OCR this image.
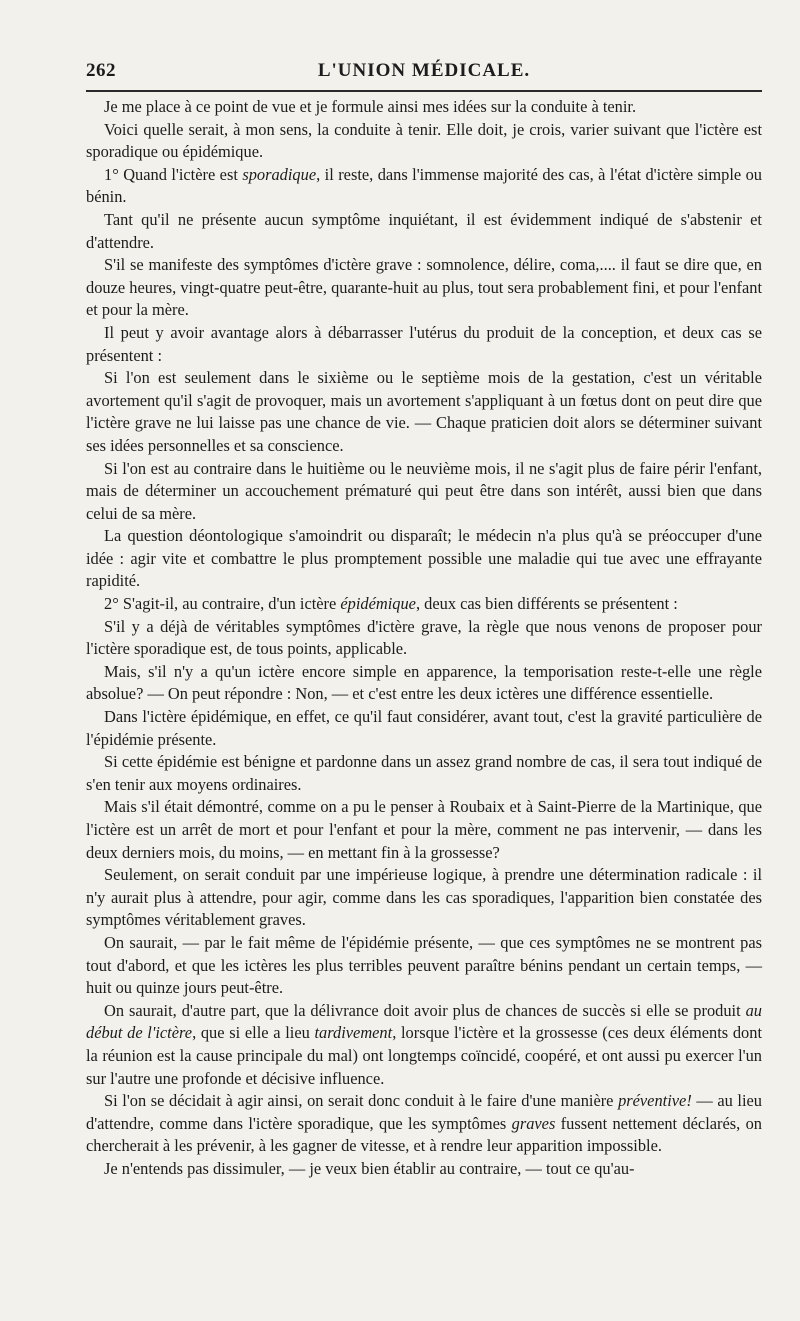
262	L'UNION MÉDICALE.

Je me place à ce point de vue et je formule ainsi mes idées sur la conduite à tenir.

Voici quelle serait, à mon sens, la conduite à tenir. Elle doit, je crois, varier suivant que l'ictère est sporadique ou épidémique.

1° Quand l'ictère est sporadique, il reste, dans l'immense majorité des cas, à l'état d'ictère simple ou bénin.

Tant qu'il ne présente aucun symptôme inquiétant, il est évidemment indiqué de s'abstenir et d'attendre.

S'il se manifeste des symptômes d'ictère grave : somnolence, délire, coma,.... il faut se dire que, en douze heures, vingt-quatre peut-être, quarante-huit au plus, tout sera probablement fini, et pour l'enfant et pour la mère.

Il peut y avoir avantage alors à débarrasser l'utérus du produit de la conception, et deux cas se présentent :

Si l'on est seulement dans le sixième ou le septième mois de la gestation, c'est un véritable avortement qu'il s'agit de provoquer, mais un avortement s'appliquant à un fœtus dont on peut dire que l'ictère grave ne lui laisse pas une chance de vie. — Chaque praticien doit alors se déterminer suivant ses idées personnelles et sa conscience.

Si l'on est au contraire dans le huitième ou le neuvième mois, il ne s'agit plus de faire périr l'enfant, mais de déterminer un accouchement prématuré qui peut être dans son intérêt, aussi bien que dans celui de sa mère.

La question déontologique s'amoindrit ou disparaît; le médecin n'a plus qu'à se préoccuper d'une idée : agir vite et combattre le plus promptement possible une maladie qui tue avec une effrayante rapidité.

2° S'agit-il, au contraire, d'un ictère épidémique, deux cas bien différents se présentent :

S'il y a déjà de véritables symptômes d'ictère grave, la règle que nous venons de proposer pour l'ictère sporadique est, de tous points, applicable.

Mais, s'il n'y a qu'un ictère encore simple en apparence, la temporisation reste-t-elle une règle absolue? — On peut répondre : Non, — et c'est entre les deux ictères une différence essentielle.

Dans l'ictère épidémique, en effet, ce qu'il faut considérer, avant tout, c'est la gravité particulière de l'épidémie présente.

Si cette épidémie est bénigne et pardonne dans un assez grand nombre de cas, il sera tout indiqué de s'en tenir aux moyens ordinaires.

Mais s'il était démontré, comme on a pu le penser à Roubaix et à Saint-Pierre de la Martinique, que l'ictère est un arrêt de mort et pour l'enfant et pour la mère, comment ne pas intervenir, — dans les deux derniers mois, du moins, — en mettant fin à la grossesse?

Seulement, on serait conduit par une impérieuse logique, à prendre une détermination radicale : il n'y aurait plus à attendre, pour agir, comme dans les cas sporadiques, l'apparition bien constatée des symptômes véritablement graves.

On saurait, — par le fait même de l'épidémie présente, — que ces symptômes ne se montrent pas tout d'abord, et que les ictères les plus terribles peuvent paraître bénins pendant un certain temps, — huit ou quinze jours peut-être.

On saurait, d'autre part, que la délivrance doit avoir plus de chances de succès si elle se produit au début de l'ictère, que si elle a lieu tardivement, lorsque l'ictère et la grossesse (ces deux éléments dont la réunion est la cause principale du mal) ont longtemps coïncidé, coopéré, et ont aussi pu exercer l'un sur l'autre une profonde et décisive influence.

Si l'on se décidait à agir ainsi, on serait donc conduit à le faire d'une manière préventive! — au lieu d'attendre, comme dans l'ictère sporadique, que les symptômes graves fussent nettement déclarés, on chercherait à les prévenir, à les gagner de vitesse, et à rendre leur apparition impossible.

Je n'entends pas dissimuler, — je veux bien établir au contraire, — tout ce qu'au-
